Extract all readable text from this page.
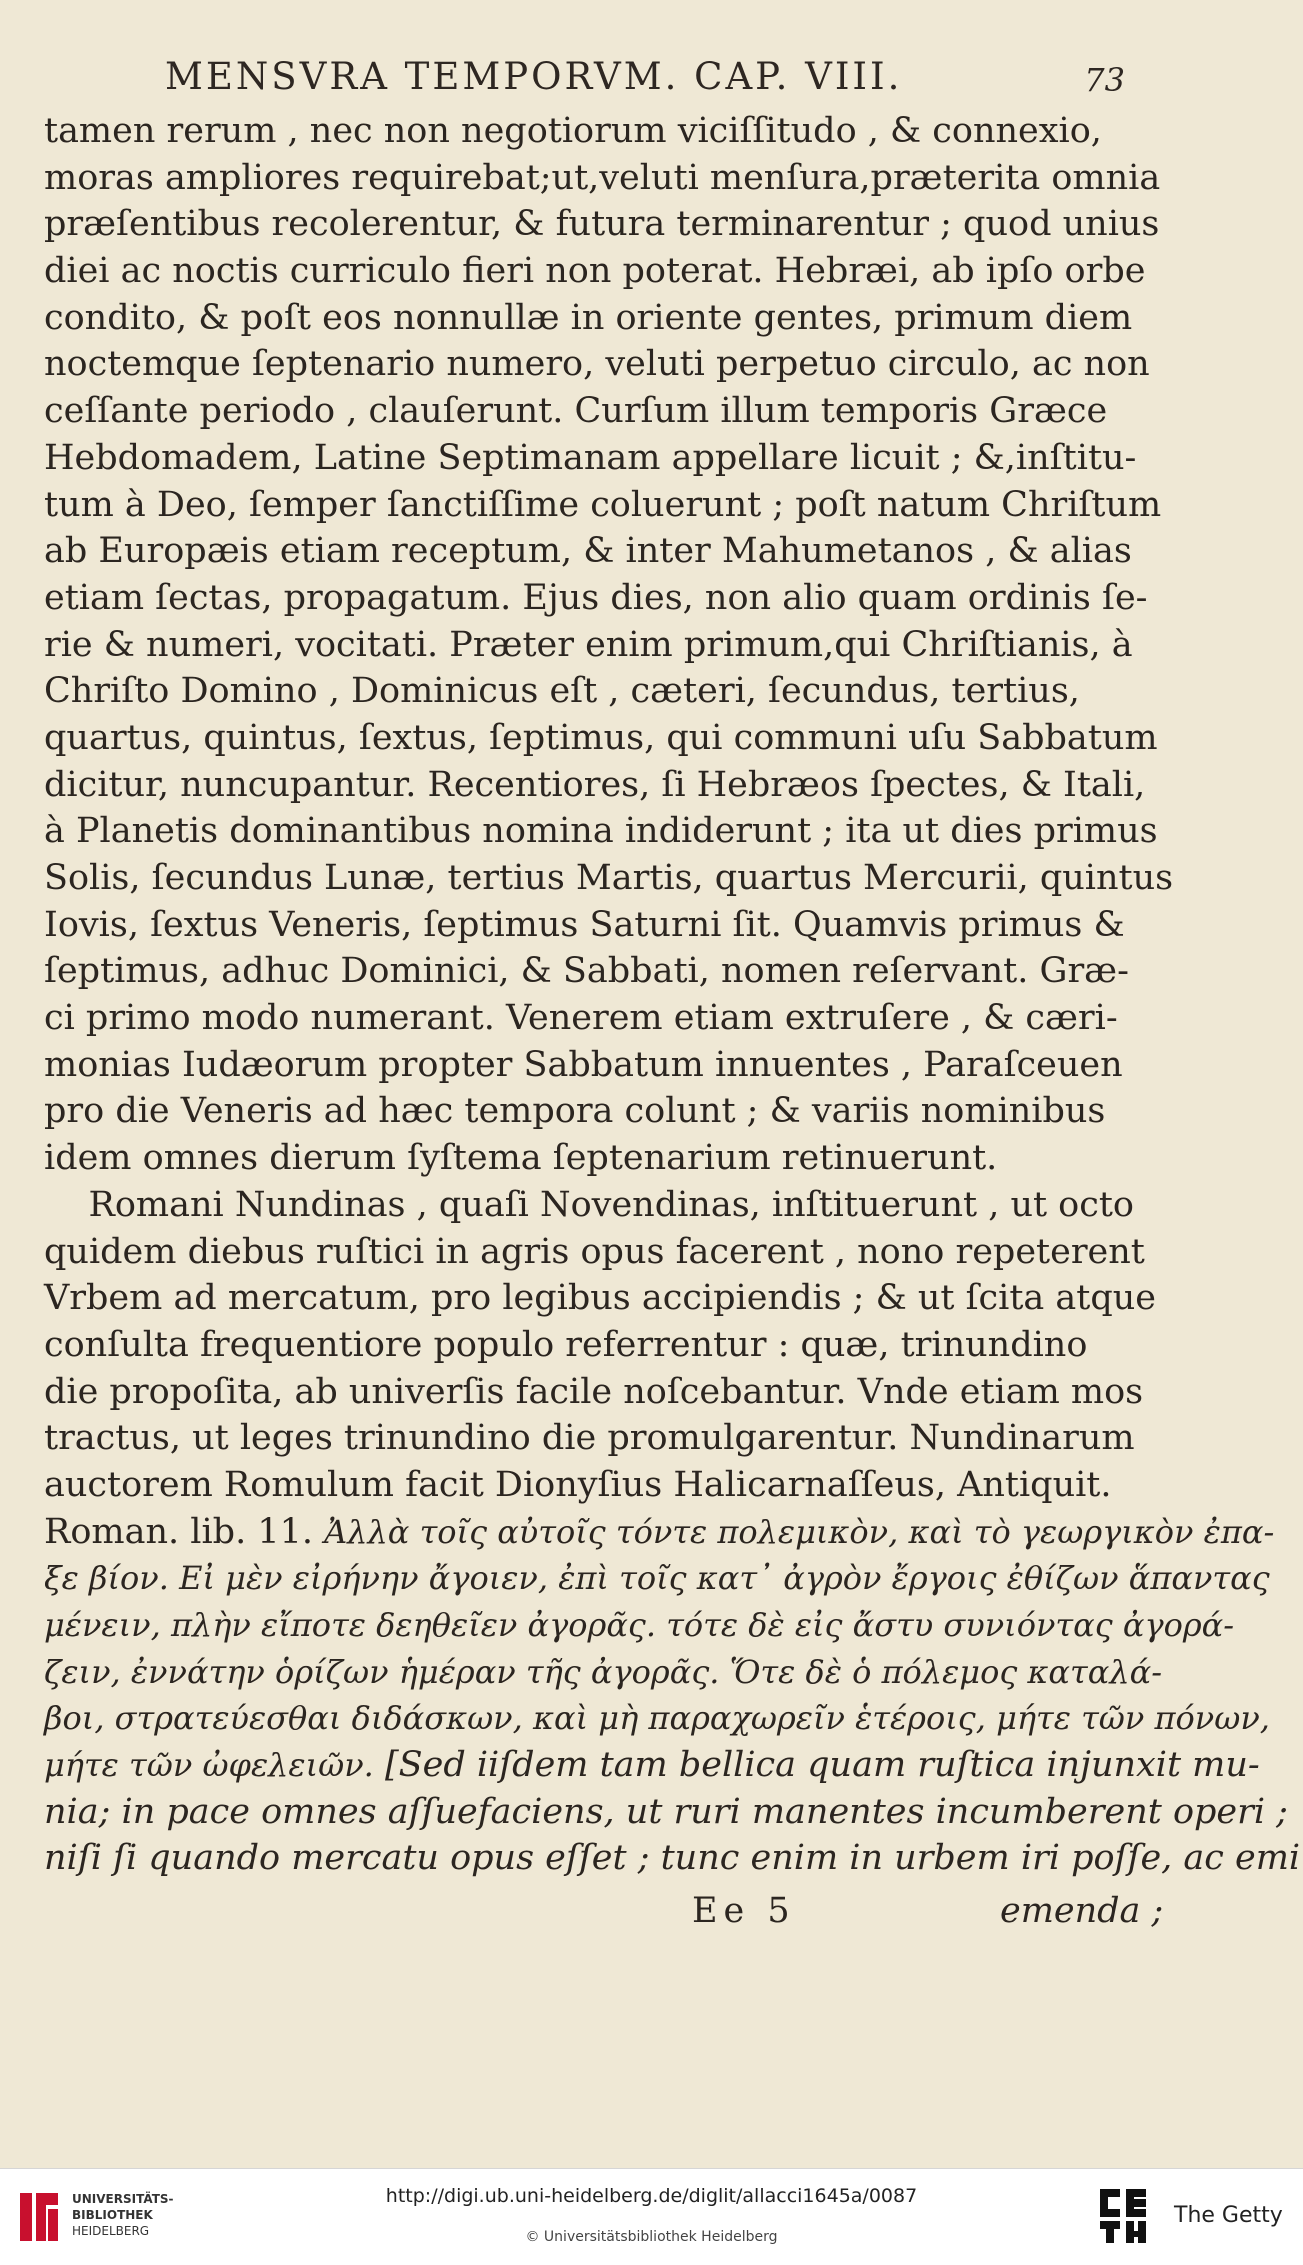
MENSVRA TEMPORVM. CAP. VIII.	73
tamen rerum , nec non negotiorum viciſſitudo , & connexio,
moras ampliores requirebat;ut,veluti menſura,præterita omnia
præſentibus recolerentur, & futura terminarentur ; quod unius
diei ac noctis curriculo fieri non poterat. Hebræi, ab ipſo orbe
condito, & poſt eos nonnullæ in oriente gentes, primum diem
noctemque ſeptenario numero, veluti perpetuo circulo, ac non
ceſſante periodo , clauſerunt. Curſum illum temporis Græce
Hebdomadem, Latine Septimanam appellare licuit ; &,inſtitu-
tum à Deo, ſemper ſanctiſſime coluerunt ; poſt natum Chriſtum
ab Europæis etiam receptum, & inter Mahumetanos , & alias
etiam ſectas, propagatum. Ejus dies, non alio quam ordinis ſe-
rie & numeri, vocitati. Præter enim primum,qui Chriſtianis, à
Chriſto Domino , Dominicus eſt , cæteri, ſecundus, tertius,
quartus, quintus, ſextus, ſeptimus, qui communi uſu Sabbatum
dicitur, nuncupantur. Recentiores, ſi Hebræos ſpectes, & Itali,
à Planetis dominantibus nomina indiderunt ; ita ut dies primus
Solis, ſecundus Lunæ, tertius Martis, quartus Mercurii, quintus
Iovis, ſextus Veneris, ſeptimus Saturni ſit. Quamvis primus &
ſeptimus, adhuc Dominici, & Sabbati, nomen reſervant. Græ-
ci primo modo numerant. Venerem etiam extruſere , & cæri-
monias Iudæorum propter Sabbatum innuentes , Paraſceuen
pro die Veneris ad hæc tempora colunt ; & variis nominibus
idem omnes dierum ſyſtema ſeptenarium retinuerunt.
Romani Nundinas , quaſi Novendinas, inſtituerunt , ut octo
quidem diebus ruſtici in agris opus facerent , nono repeterent
Vrbem ad mercatum, pro legibus accipiendis ; & ut ſcita atque
conſulta frequentiore populo referrentur : quæ, trinundino
die propoſita, ab univerſis facile noſcebantur. Vnde etiam mos
tractus, ut leges trinundino die promulgarentur. Nundinarum
auctorem Romulum facit Dionyſius Halicarnaſſeus, Antiquit.
Roman. lib. 11. Ἀλλὰ τοῖς αὐτοῖς τόντε πολεμικὸν, καὶ τὸ γεωργικὸν ἐπα-
ξε βίον. Εἰ μὲν εἰρήνην ἄγοιεν, ἐπὶ τοῖς κατ᾿ ἀγρὸν ἔργοις ἐθίζων ἅπαντας
μένειν, πλὴν εἴποτε δεηθεῖεν ἀγορᾶς. τότε δὲ εἰς ἄστυ συνιόντας ἀγορά-
ζειν, ἐννάτην ὁρίζων ἡμέραν τῆς ἀγορᾶς. Ὅτε δὲ ὁ πόλεμος καταλά-
βοι, στρατεύεσθαι διδάσκων, καὶ μὴ παραχωρεῖν ἑτέροις, μήτε τῶν πόνων,
μήτε τῶν ὠφελειῶν. [Sed iiſdem tam bellica quam ruſtica injunxit mu-
nia; in pace omnes aſſuefaciens, ut ruri manentes incumberent operi ;
niſi ſi quando mercatu opus eſſet ; tunc enim in urbem iri poſſe, ac emi
Ee 5	emenda ;
UNIVERSITÄTS-
BIBLIOTHEK
HEIDELBERG
http://digi.ub.uni-heidelberg.de/diglit/allacci1645a/0087
© Universitätsbibliothek Heidelberg
The Getty
